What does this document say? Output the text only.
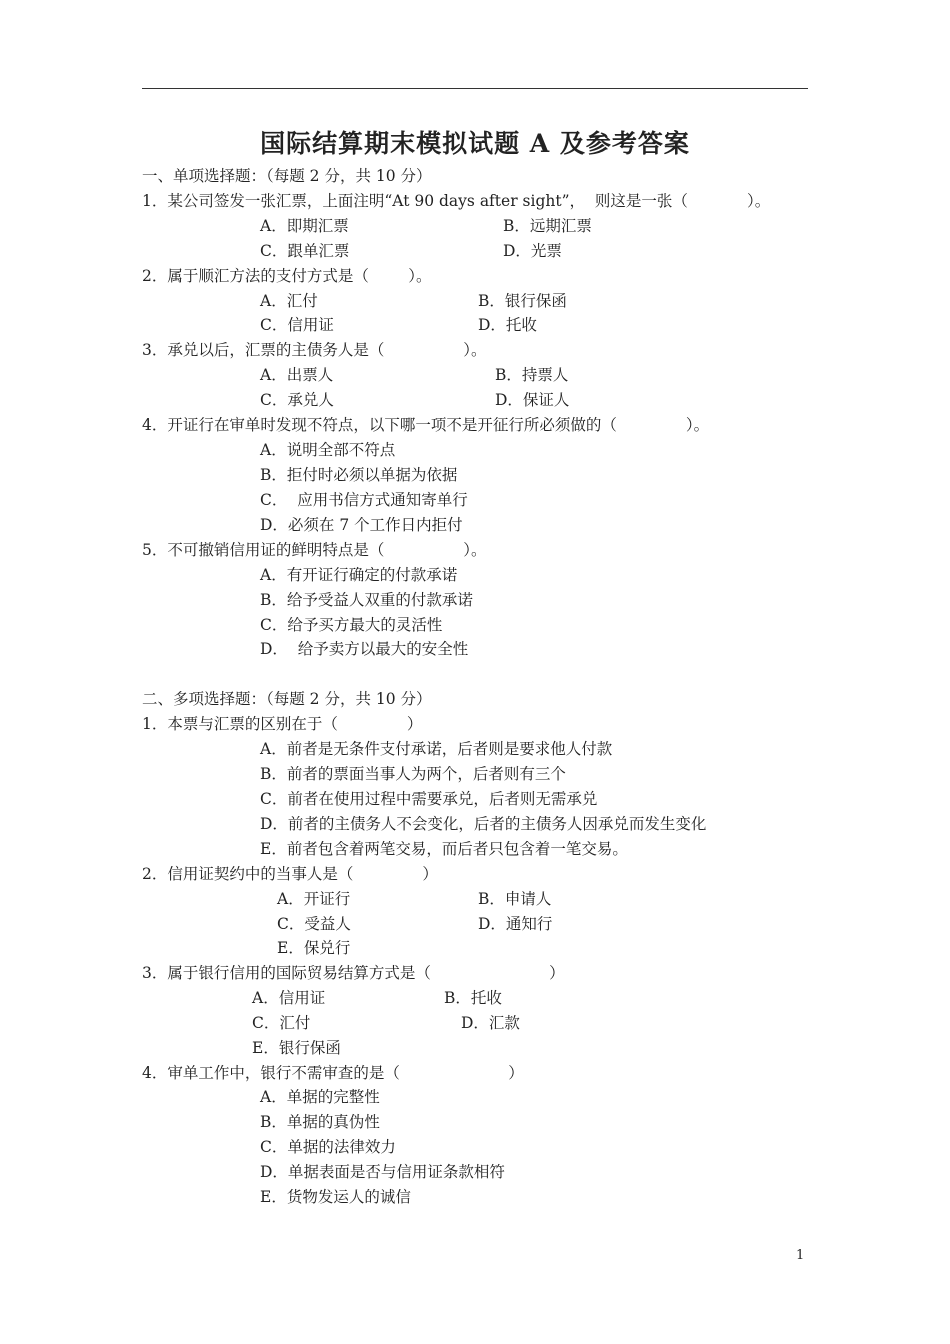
国际结算期末模拟试题 A 及参考答案
一、单项选择题：（每题 2 分，共 10 分）
1．某公司签发一张汇票，上面注明“At 90 days after sight”，  则这是一张（            ）。
A．即期汇票	B．远期汇票
C．跟单汇票	D．光票
2．属于顺汇方法的支付方式是（        ）。
A．汇付	B．银行保函
C．信用证	D．托收
3．承兑以后，汇票的主债务人是（                ）。
A．出票人	B．持票人
C．承兑人	D．保证人
4．开证行在审单时发现不符点，以下哪一项不是开征行所必须做的（              ）。
A．说明全部不符点
B．拒付时必须以单据为依据
C．  应用书信方式通知寄单行
D．必须在 7 个工作日内拒付
5．不可撤销信用证的鲜明特点是（                ）。
A．有开证行确定的付款承诺
B．给予受益人双重的付款承诺
C．给予买方最大的灵活性
D．  给予卖方以最大的安全性
二、多项选择题：（每题 2 分，共 10 分）
1．本票与汇票的区别在于（              ）
A．前者是无条件支付承诺，后者则是要求他人付款
B．前者的票面当事人为两个，后者则有三个
C．前者在使用过程中需要承兑，后者则无需承兑
D．前者的主债务人不会变化，后者的主债务人因承兑而发生变化
E．前者包含着两笔交易，而后者只包含着一笔交易。
2．信用证契约中的当事人是（              ）
A．开证行	B．申请人
C．受益人	D．通知行
E．保兑行
3．属于银行信用的国际贸易结算方式是（                        ）
A．信用证	B．托收
C．汇付	D．汇款
E．银行保函
4．审单工作中，银行不需审查的是（                      ）
A．单据的完整性
B．单据的真伪性
C．单据的法律效力
D．单据表面是否与信用证条款相符
E．货物发运人的诚信
1
